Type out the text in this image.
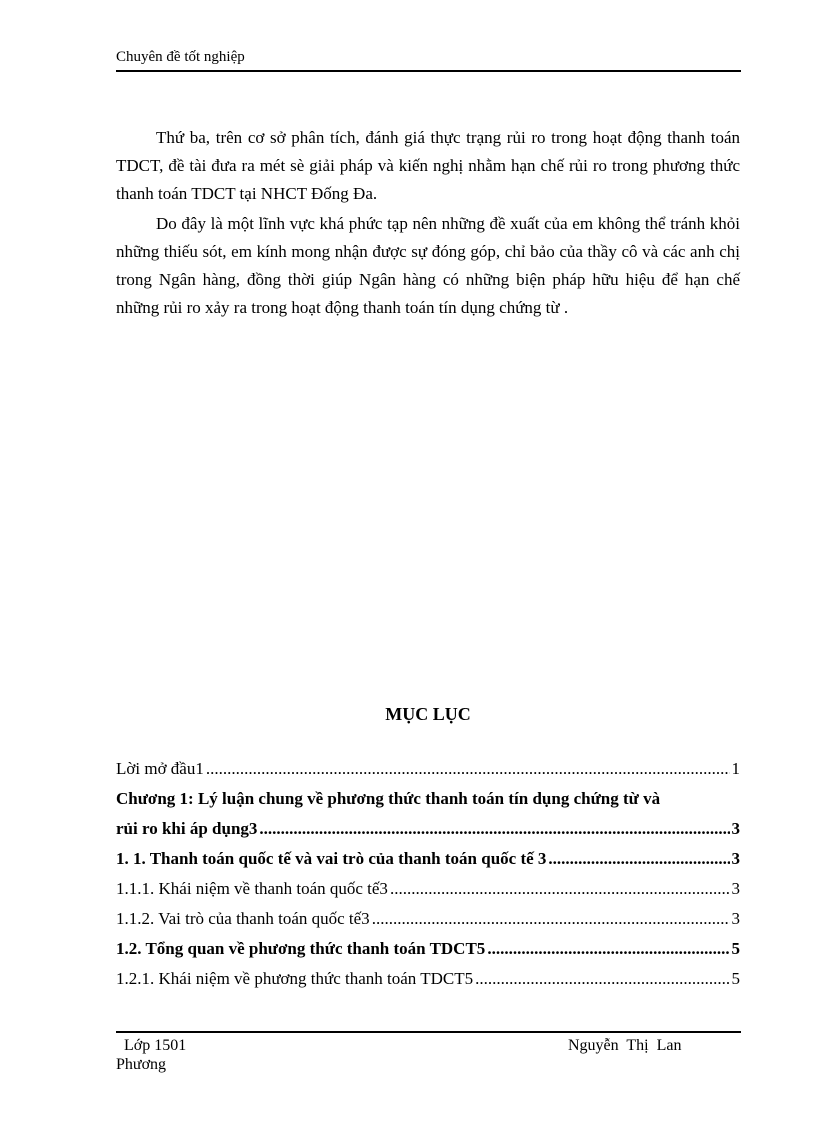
Chuyên đề tốt nghiệp

Thứ ba, trên cơ sở phân tích, đánh giá thực trạng rủi ro trong hoạt động thanh toán TDCT, đề tài đưa ra mét sè giải pháp và kiến nghị nhằm hạn chế rủi ro trong phương thức thanh toán TDCT tại NHCT Đống Đa.

Do đây là một lĩnh vực khá phức tạp nên những đề xuất của em không thể tránh khỏi những thiếu sót, em kính mong nhận được sự đóng góp, chỉ bảo của thầy cô và các anh chị trong Ngân hàng, đồng thời giúp Ngân hàng có những biện pháp hữu hiệu để hạn chế những rủi ro xảy ra trong hoạt động thanh toán tín dụng chứng từ .

MỤC LỤC
Lời mở đầu1 .....	1
Chương 1: Lý luận chung về phương thức thanh toán tín dụng chứng từ và
rủi ro khi áp dụng3 .....	3
1. 1. Thanh toán quốc tế và vai trò của thanh toán quốc tế 3 .....	3
1.1.1. Khái niệm về thanh toán quốc tế3 .....	3
1.1.2. Vai trò của thanh toán quốc tế3 .....	3
1.2. Tổng quan về phương thức thanh toán TDCT5 .....	5
1.2.1. Khái niệm về phương thức thanh toán TDCT5 .....	5
Lớp 1501	Nguyễn Thị Lan
Phương
